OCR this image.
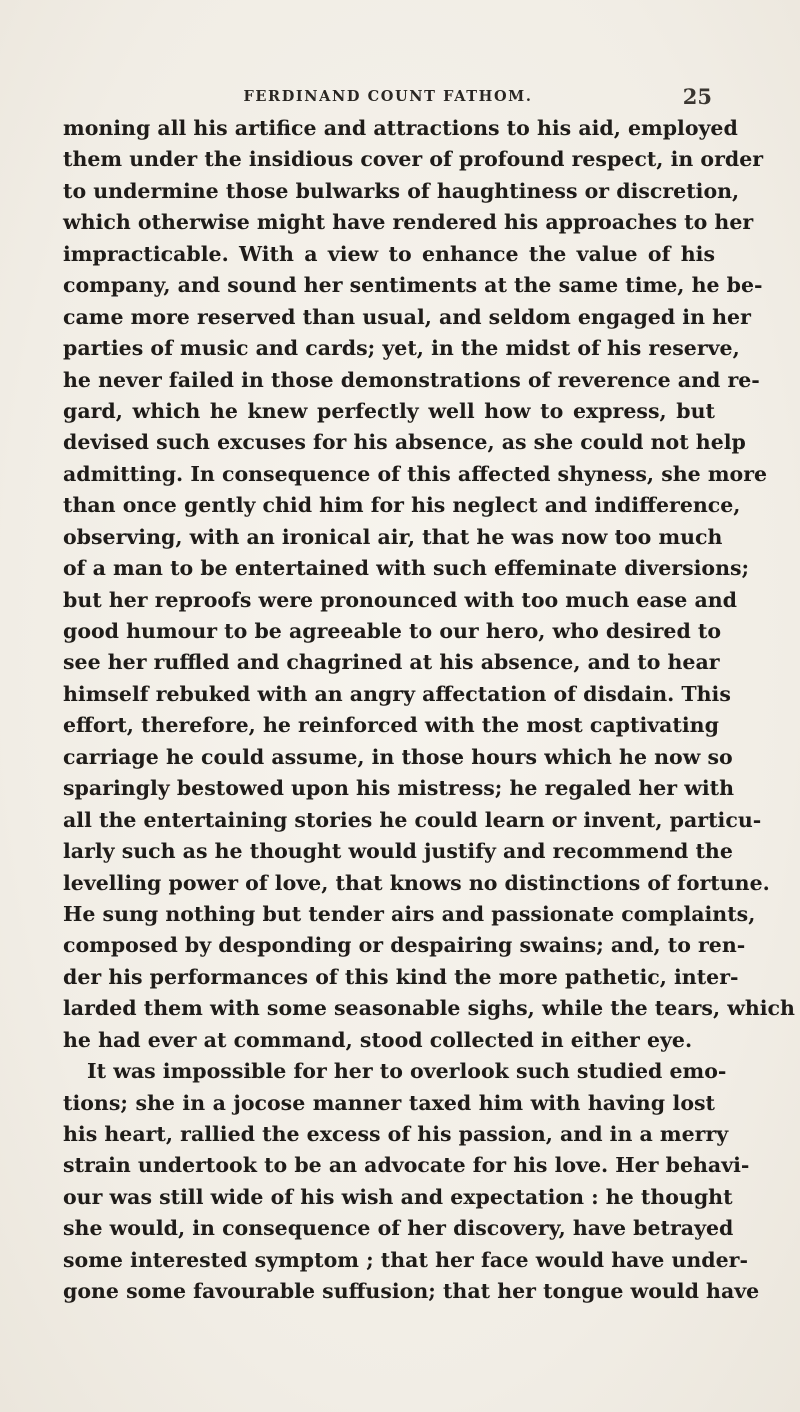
FERDINAND COUNT FATHOM.	25
moning all his artifice and attractions to his aid, employed
them under the insidious cover of profound respect, in order
to undermine those bulwarks of haughtiness or discretion,
which otherwise might have rendered his approaches to her
impracticable. With a view to enhance the value of his
company, and sound her sentiments at the same time, he be-
came more reserved than usual, and seldom engaged in her
parties of music and cards; yet, in the midst of his reserve,
he never failed in those demonstrations of reverence and re-
gard, which he knew perfectly well how to express, but
devised such excuses for his absence, as she could not help
admitting. In consequence of this affected shyness, she more
than once gently chid him for his neglect and indifference,
observing, with an ironical air, that he was now too much
of a man to be entertained with such effeminate diversions;
but her reproofs were pronounced with too much ease and
good humour to be agreeable to our hero, who desired to
see her ruffled and chagrined at his absence, and to hear
himself rebuked with an angry affectation of disdain. This
effort, therefore, he reinforced with the most captivating
carriage he could assume, in those hours which he now so
sparingly bestowed upon his mistress; he regaled her with
all the entertaining stories he could learn or invent, particu-
larly such as he thought would justify and recommend the
levelling power of love, that knows no distinctions of fortune.
He sung nothing but tender airs and passionate complaints,
composed by desponding or despairing swains; and, to ren-
der his performances of this kind the more pathetic, inter-
larded them with some seasonable sighs, while the tears, which
he had ever at command, stood collected in either eye.
It was impossible for her to overlook such studied emo-
tions; she in a jocose manner taxed him with having lost
his heart, rallied the excess of his passion, and in a merry
strain undertook to be an advocate for his love. Her behavi-
our was still wide of his wish and expectation : he thought
she would, in consequence of her discovery, have betrayed
some interested symptom ; that her face would have under-
gone some favourable suffusion; that her tongue would have
